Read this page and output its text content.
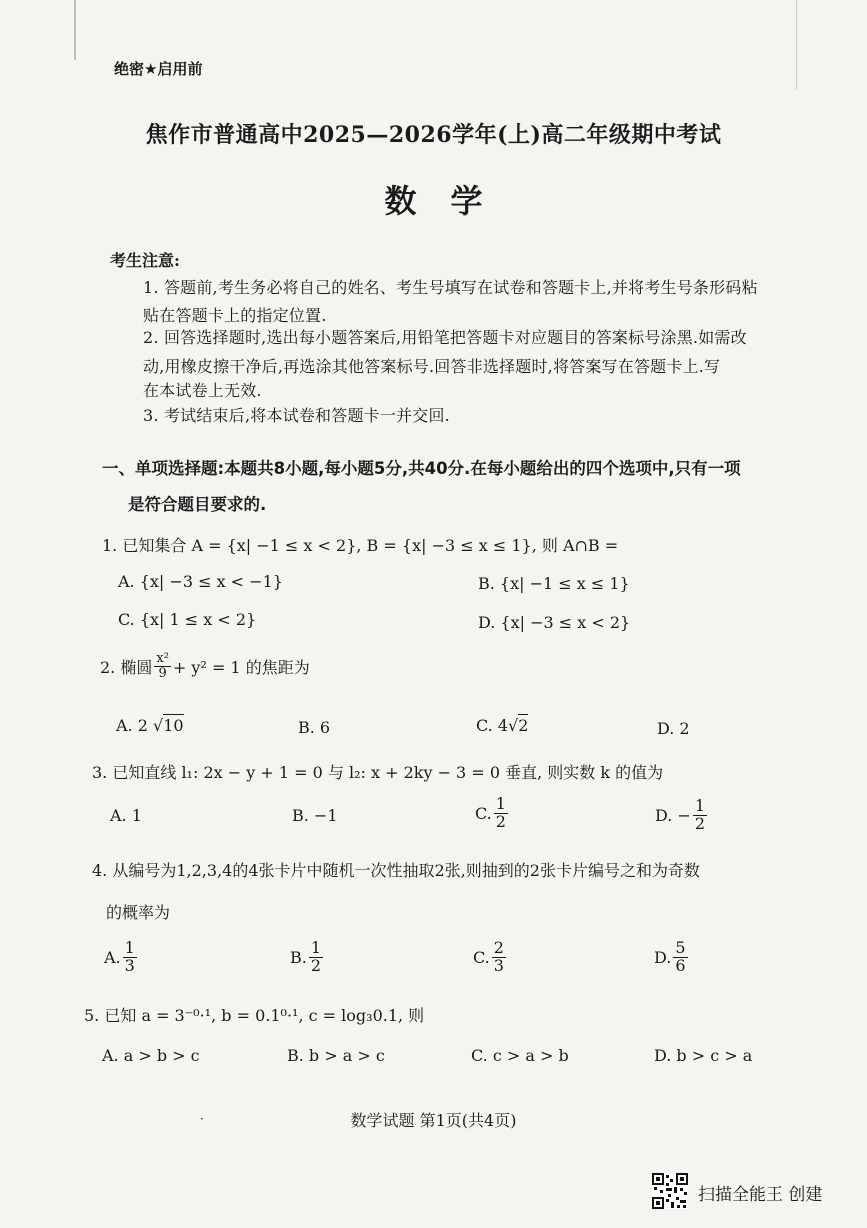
绝密★启用前
焦作市普通高中2025—2026学年(上)高二年级期中考试
数学
考生注意:
1. 答题前,考生务必将自己的姓名、考生号填写在试卷和答题卡上,并将考生号条形码粘
贴在答题卡上的指定位置.
2. 回答选择题时,选出每小题答案后,用铅笔把答题卡对应题目的答案标号涂黑.如需改
动,用橡皮擦干净后,再选涂其他答案标号.回答非选择题时,将答案写在答题卡上.写
在本试卷上无效.
3. 考试结束后,将本试卷和答题卡一并交回.
一、单项选择题:本题共8小题,每小题5分,共40分.在每小题给出的四个选项中,只有一项
是符合题目要求的.
1. 已知集合 A = {x| −1 ≤ x < 2}, B = {x| −3 ≤ x ≤ 1}, 则 A∩B =
A. {x| −3 ≤ x < −1}	B. {x| −1 ≤ x ≤ 1}
C. {x| 1 ≤ x < 2}	D. {x| −3 ≤ x < 2}
2. 椭圆 $\frac{\text{x²}}{9} + y^2 = 1$ 的焦距为
A. 2 √10	B. 6	C. 4√2	D. 2
3. 已知直线 l₁: 2x − y + 1 = 0 与 l₂: x + 2ky − 3 = 0 垂直, 则实数 k 的值为
A. 1	B. −1	C. $\frac{1}{2}$	D. − $\frac{1}{2}$
4. 从编号为1,2,3,4的4张卡片中随机一次性抽取2张,则抽到的2张卡片编号之和为奇数
的概率为
A. $\frac{1}{3}$	B. $\frac{1}{2}$	C. $\frac{2}{3}$	D. $\frac{5}{6}$
5. 已知 a = 3⁻⁰·¹, b = 0.1⁰·¹, c = log₃0.1, 则
A. a > b > c	B. b > a > c	C. c > a > b	D. b > c > a
·	数学试题 第1页(共4页)
扫描全能王 创建
